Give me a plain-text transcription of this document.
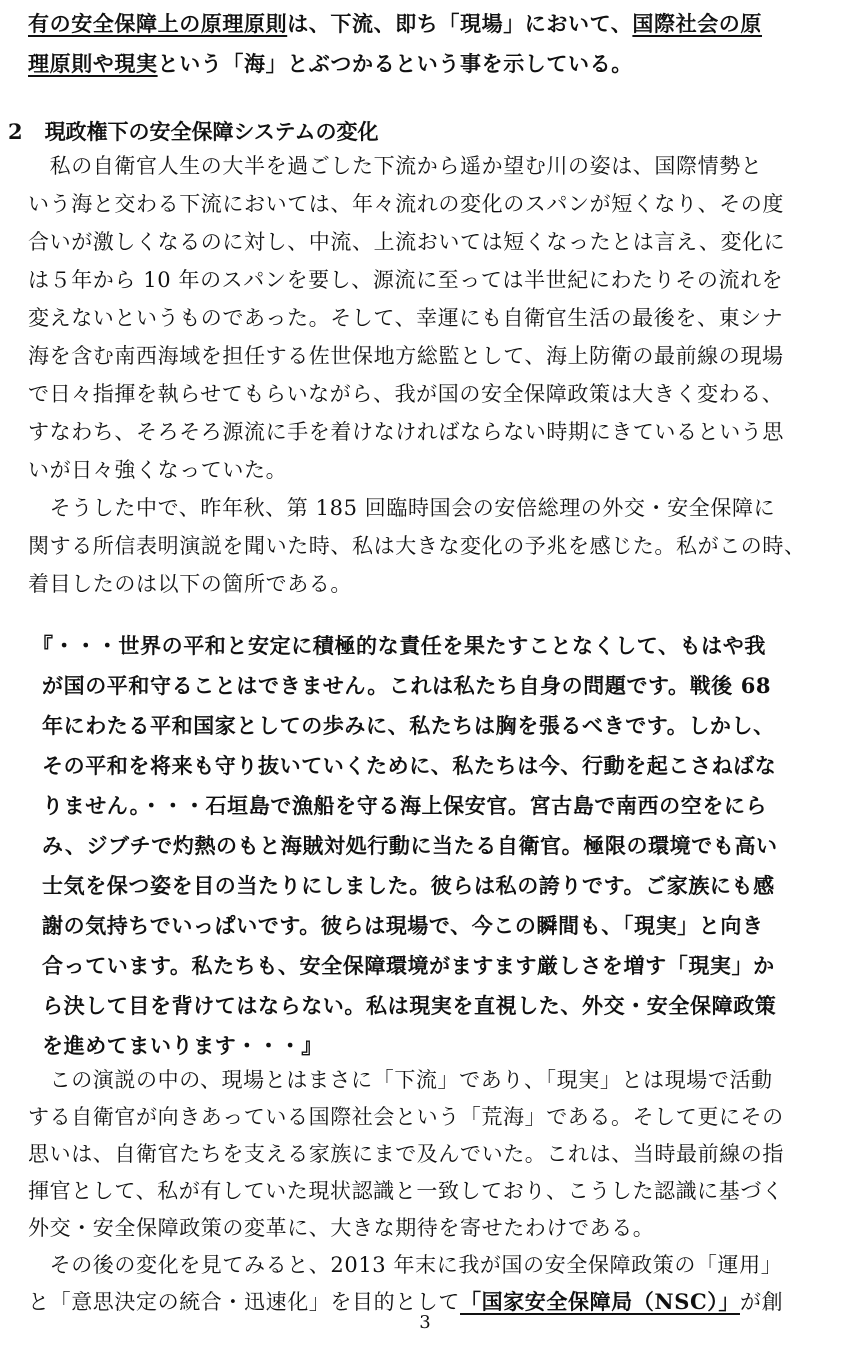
有の安全保障上の原理原則は、下流、即ち「現場」において、国際社会の原
理原則や現実という「海」とぶつかるという事を示している。
2 現政権下の安全保障システムの変化
　私の自衛官人生の大半を過ごした下流から遥か望む川の姿は、国際情勢と
いう海と交わる下流においては、年々流れの変化のスパンが短くなり、その度
合いが激しくなるのに対し、中流、上流おいては短くなったとは言え、変化に
は５年から 10 年のスパンを要し、源流に至っては半世紀にわたりその流れを
変えないというものであった。そして、幸運にも自衛官生活の最後を、東シナ
海を含む南西海域を担任する佐世保地方総監として、海上防衛の最前線の現場
で日々指揮を執らせてもらいながら、我が国の安全保障政策は大きく変わる、
すなわち、そろそろ源流に手を着けなければならない時期にきているという思
いが日々強くなっていた。
　そうした中で、昨年秋、第 185 回臨時国会の安倍総理の外交・安全保障に
関する所信表明演説を聞いた時、私は大きな変化の予兆を感じた。私がこの時、
着目したのは以下の箇所である。
『・・・世界の平和と安定に積極的な責任を果たすことなくして、もはや我
が国の平和守ることはできません。これは私たち自身の問題です。戦後 68
年にわたる平和国家としての歩みに、私たちは胸を張るべきです。しかし、
その平和を将来も守り抜いていくために、私たちは今、行動を起こさねばな
りません。・・・石垣島で漁船を守る海上保安官。宮古島で南西の空をにら
み、ジブチで灼熱のもと海賊対処行動に当たる自衛官。極限の環境でも高い
士気を保つ姿を目の当たりにしました。彼らは私の誇りです。ご家族にも感
謝の気持ちでいっぱいです。彼らは現場で、今この瞬間も、「現実」と向き
合っています。私たちも、安全保障環境がますます厳しさを増す「現実」か
ら決して目を背けてはならない。私は現実を直視した、外交・安全保障政策
を進めてまいります・・・』
　この演説の中の、現場とはまさに「下流」であり、「現実」とは現場で活動
する自衛官が向きあっている国際社会という「荒海」である。そして更にその
思いは、自衛官たちを支える家族にまで及んでいた。これは、当時最前線の指
揮官として、私が有していた現状認識と一致しており、こうした認識に基づく
外交・安全保障政策の変革に、大きな期待を寄せたわけである。
3
　その後の変化を見てみると、2013 年末に我が国の安全保障政策の「運用」
と「意思決定の統合・迅速化」を目的として「国家安全保障局（NSC）」が創
